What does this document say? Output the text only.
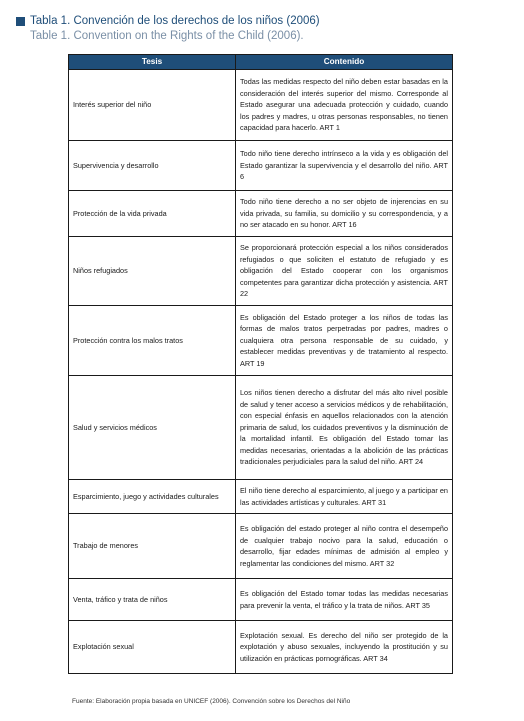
Tabla 1. Convención de los derechos de los niños (2006)
Table 1. Convention on the Rights of the Child (2006).
Tesis	Contenido
Interés superior del niño	Todas las medidas respecto del niño deben estar basadas en la consideración del interés superior del mismo. Corresponde al Estado asegurar una adecuada protección y cuidado, cuando los padres y madres, u otras personas responsables, no tienen capacidad para hacerlo. ART 1
Supervivencia y desarrollo	Todo niño tiene derecho intrínseco a la vida y es obligación del Estado garantizar la supervivencia y el desarrollo del niño. ART 6
Protección de la vida privada	Todo niño tiene derecho a no ser objeto de injerencias en su vida privada, su familia, su domicilio y su correspondencia, y a no ser atacado en su honor. ART 16
Niños refugiados	Se proporcionará protección especial a los niños considerados refugiados o que soliciten el estatuto de refugiado y es obligación del Estado cooperar con los organismos competentes para garantizar dicha protección y asistencia. ART 22
Protección contra los malos tratos	Es obligación del Estado proteger a los niños de todas las formas de malos tratos perpetradas por padres, madres o cualquiera otra persona responsable de su cuidado, y establecer medidas preventivas y de tratamiento al respecto. ART 19
Salud y servicios médicos	Los niños tienen derecho a disfrutar del más alto nivel posible de salud y tener acceso a servicios médicos y de rehabilitación, con especial énfasis en aquellos relacionados con la atención primaria de salud, los cuidados preventivos y la disminución de la mortalidad infantil. Es obligación del Estado tomar las medidas necesarias, orientadas a la abolición de las prácticas tradicionales perjudiciales para la salud del niño. ART 24
Esparcimiento, juego y actividades culturales	El niño tiene derecho al esparcimiento, al juego y a participar en las actividades artísticas y culturales. ART 31
Trabajo de menores	Es obligación del estado proteger al niño contra el desempeño de cualquier trabajo nocivo para la salud, educación o desarrollo, fijar edades mínimas de admisión al empleo y reglamentar las condiciones del mismo. ART 32
Venta, tráfico y trata de niños	Es obligación del Estado tomar todas las medidas necesarias para prevenir la venta, el tráfico y la trata de niños. ART 35
Explotación sexual	Explotación sexual. Es derecho del niño ser protegido de la explotación y abuso sexuales, incluyendo la prostitución y su utilización en prácticas pornográficas. ART 34
Fuente: Elaboración propia basada en UNICEF (2006). Convención sobre los Derechos del Niño
